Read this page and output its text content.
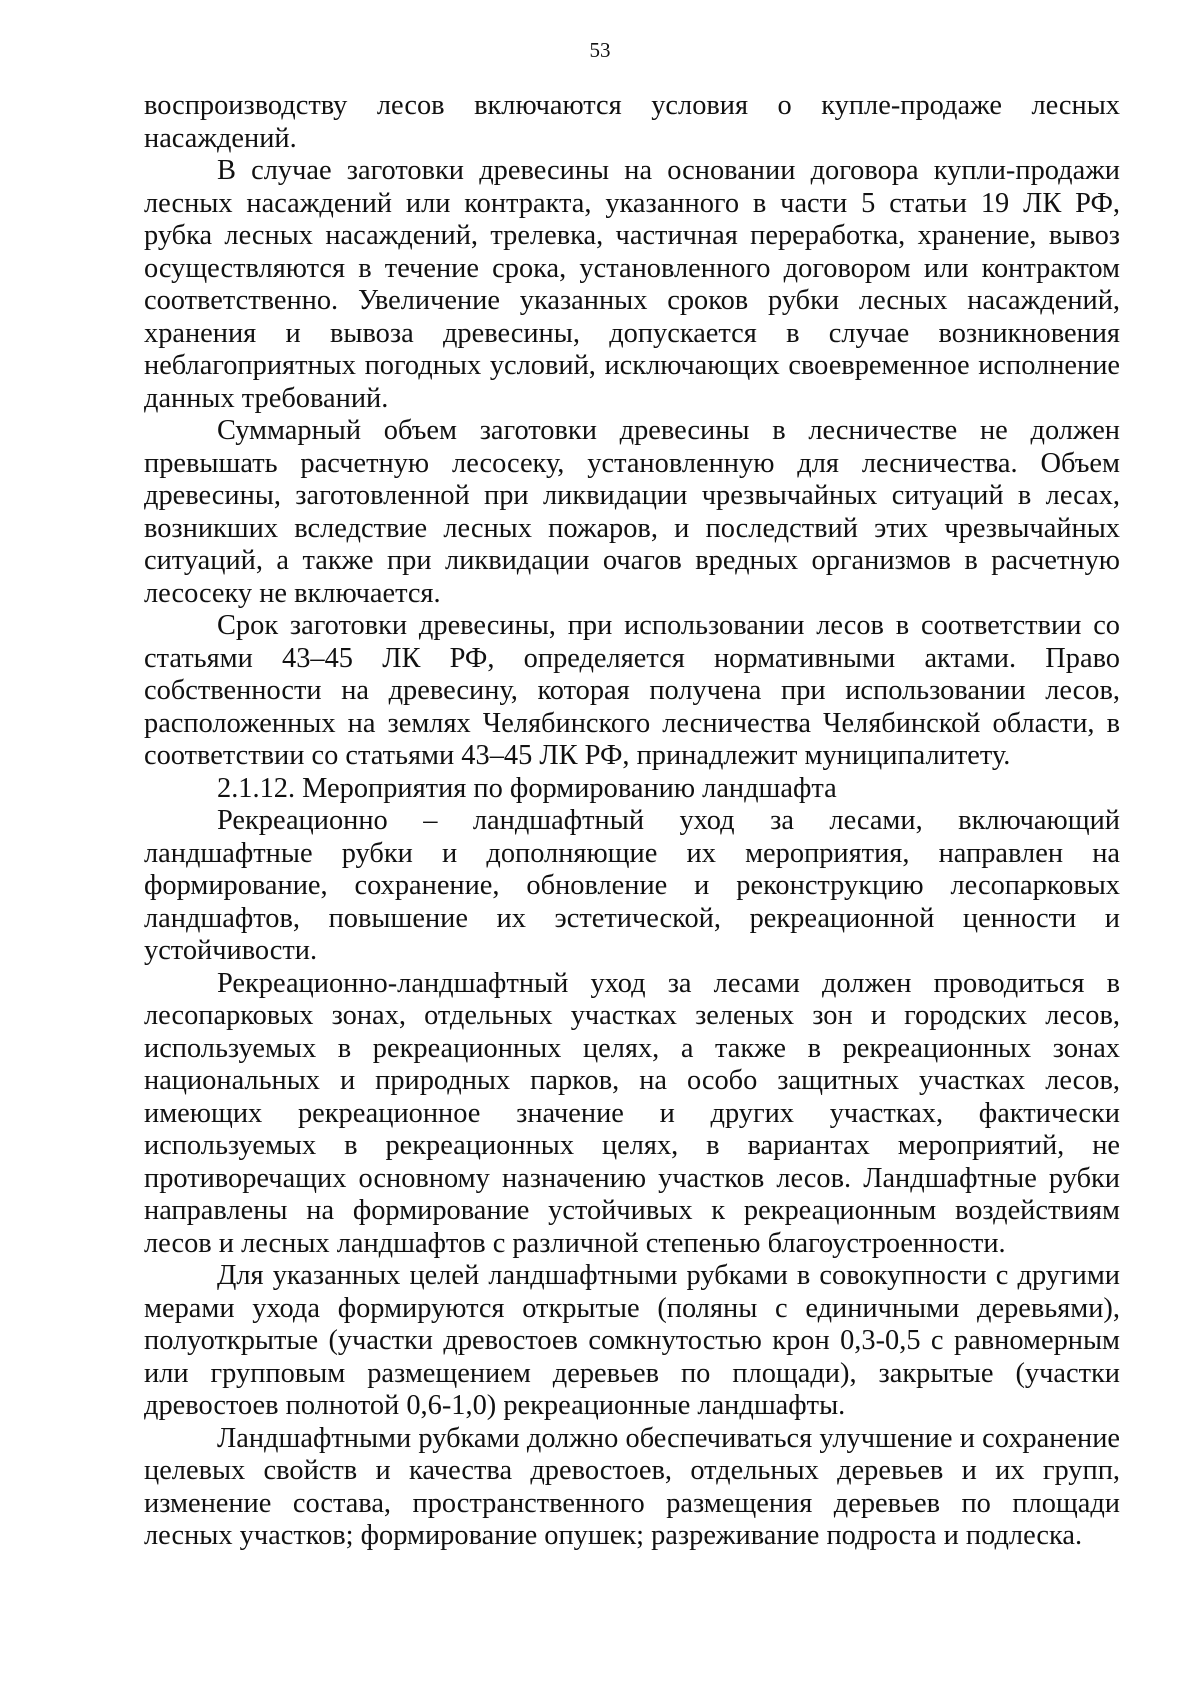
53

воспроизводству лесов включаются условия о купле-продаже лесных насаждений.

В случае заготовки древесины на основании договора купли-продажи лесных насаждений или контракта, указанного в части 5 статьи 19 ЛК РФ, рубка лесных насаждений, трелевка, частичная переработка, хранение, вывоз осуществляются в течение срока, установленного договором или контрактом соответственно. Увеличение указанных сроков рубки лесных насаждений, хранения и вывоза древесины, допускается в случае возникновения неблагоприятных погодных условий, исключающих своевременное исполнение данных требований.

Суммарный объем заготовки древесины в лесничестве не должен превышать расчетную лесосеку, установленную для лесничества. Объем древесины, заготовленной при ликвидации чрезвычайных ситуаций в лесах, возникших вследствие лесных пожаров, и последствий этих чрезвычайных ситуаций, а также при ликвидации очагов вредных организмов в расчетную лесосеку не включается.

Срок заготовки древесины, при использовании лесов в соответствии со статьями 43–45 ЛК РФ, определяется нормативными актами. Право собственности на древесину, которая получена при использовании лесов, расположенных на землях Челябинского лесничества Челябинской области, в соответствии со статьями 43–45 ЛК РФ, принадлежит муниципалитету.

2.1.12. Мероприятия по формированию ландшафта

Рекреационно – ландшафтный уход за лесами, включающий ландшафтные рубки и дополняющие их мероприятия, направлен на формирование, сохранение, обновление и реконструкцию лесопарковых ландшафтов, повышение их эстетической, рекреационной ценности и устойчивости.

Рекреационно-ландшафтный уход за лесами должен проводиться в лесопарковых зонах, отдельных участках зеленых зон и городских лесов, используемых в рекреационных целях, а также в рекреационных зонах национальных и природных парков, на особо защитных участках лесов, имеющих рекреационное значение и других участках, фактически используемых в рекреационных целях, в вариантах мероприятий, не противоречащих основному назначению участков лесов. Ландшафтные рубки направлены на формирование устойчивых к рекреационным воздействиям лесов и лесных ландшафтов с различной степенью благоустроенности.

Для указанных целей ландшафтными рубками в совокупности с другими мерами ухода формируются открытые (поляны с единичными деревьями), полуоткрытые (участки древостоев сомкнутостью крон 0,3-0,5 с равномерным или групповым размещением деревьев по площади), закрытые (участки древостоев полнотой 0,6-1,0) рекреационные ландшафты.

Ландшафтными рубками должно обеспечиваться улучшение и сохранение целевых свойств и качества древостоев, отдельных деревьев и их групп, изменение состава, пространственного размещения деревьев по площади лесных участков; формирование опушек; разреживание подроста и подлеска.
